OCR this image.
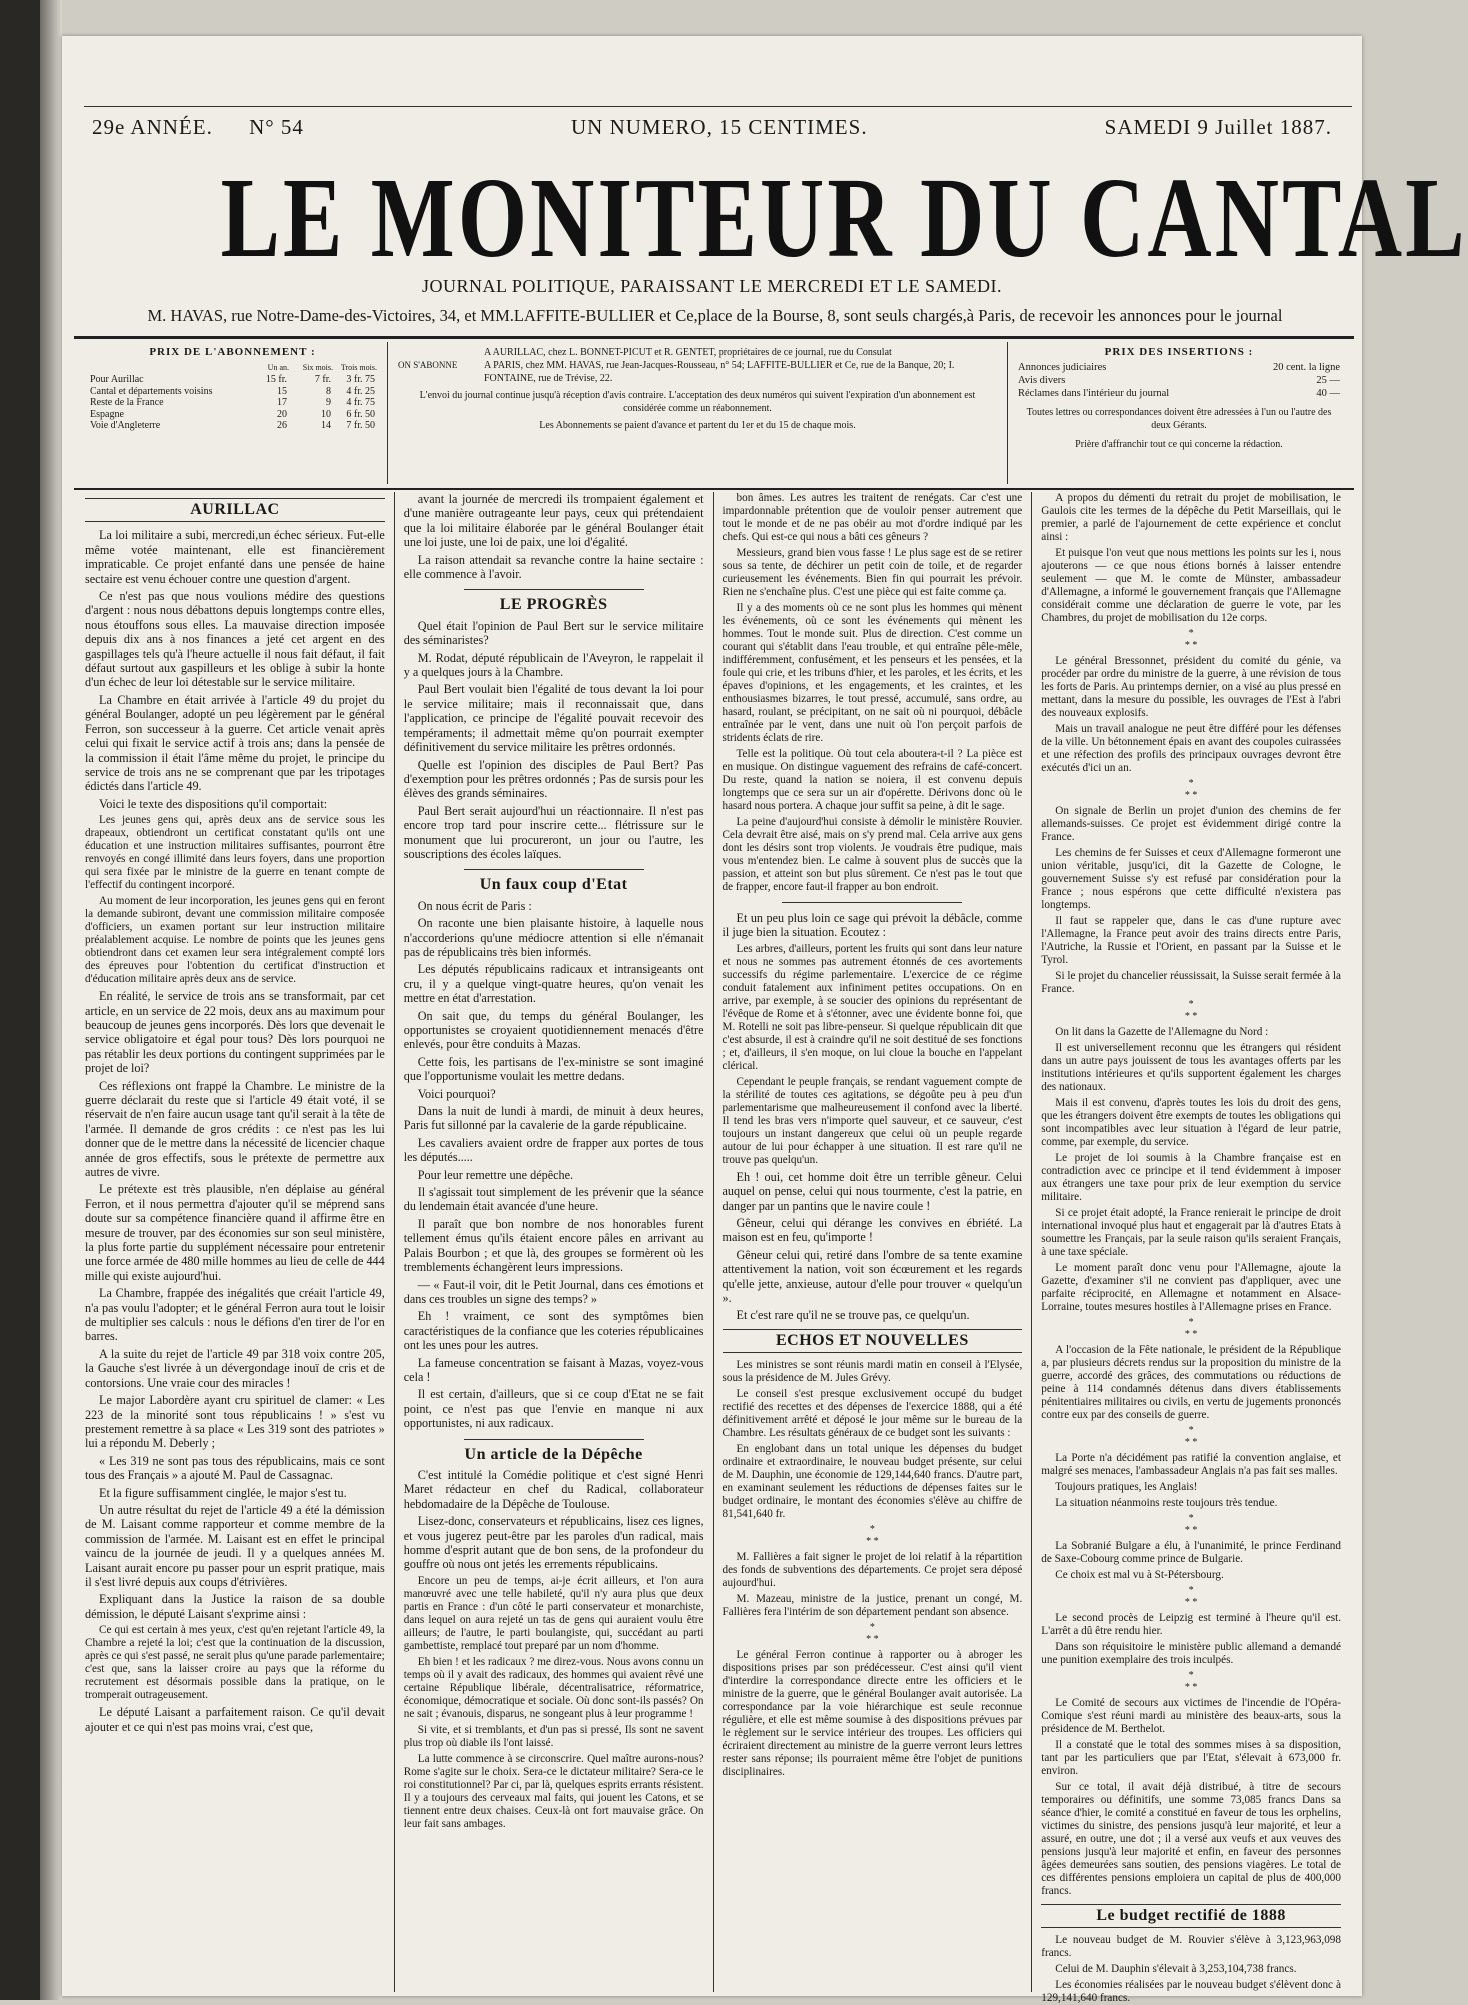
29e ANNÉE. N° 54	UN NUMERO, 15 CENTIMES.	SAMEDI 9 Juillet 1887.
LE MONITEUR DU CANTAL
JOURNAL POLITIQUE, PARAISSANT LE MERCREDI ET LE SAMEDI.
M. HAVAS, rue Notre-Dame-des-Victoires, 34, et MM.LAFFITE-BULLIER et Ce,place de la Bourse, 8, sont seuls chargés,à Paris, de recevoir les annonces pour le journal
PRIX DE L'ABONNEMENT :
	Un an.	Six mois.	Trois mois.
Pour Aurillac	15 fr.	7 fr.	3 fr. 75
Cantal et départements voisins	15	8	4 fr. 25
Reste de la France	17	9	4 fr. 75
Espagne	20	10	6 fr. 50
Voie d'Angleterre	26	14	7 fr. 50
ON S'ABONNE
A AURILLAC, chez L. BONNET-PICUT et R. GENTET, propriétaires de ce journal, rue du Consulat
A PARIS, chez MM. HAVAS, rue Jean-Jacques-Rousseau, n° 54; LAFFITE-BULLIER et Ce, rue de la Banque, 20; I. FONTAINE, rue de Trévise, 22.
L'envoi du journal continue jusqu'à réception d'avis contraire. L'acceptation des deux numéros qui suivent l'expiration d'un abonnement est considérée comme un réabonnement.
Les Abonnements se paient d'avance et partent du 1er et du 15 de chaque mois.
PRIX DES INSERTIONS :
Annonces judiciaires	20 cent. la ligne
Avis divers	25 —
Réclames dans l'intérieur du journal	40 —
Toutes lettres ou correspondances doivent être adressées à l'un ou l'autre des deux Gérants.
Prière d'affranchir tout ce qui concerne la rédaction.
AURILLAC

La loi militaire a subi, mercredi,un échec sérieux. Fut-elle même votée maintenant, elle est financièrement impraticable. Ce projet enfanté dans une pensée de haine sectaire est venu échouer contre une question d'argent.

Ce n'est pas que nous voulions médire des questions d'argent : nous nous débattons depuis longtemps contre elles, nous étouffons sous elles. La mauvaise direction imposée depuis dix ans à nos finances a jeté cet argent en des gaspillages tels qu'à l'heure actuelle il nous fait défaut, il fait défaut surtout aux gaspilleurs et les oblige à subir la honte d'un échec de leur loi détestable sur le service militaire.

La Chambre en était arrivée à l'article 49 du projet du général Boulanger, adopté un peu légèrement par le général Ferron, son successeur à la guerre. Cet article venait après celui qui fixait le service actif à trois ans; dans la pensée de la commission il était l'âme même du projet, le principe du service de trois ans ne se comprenant que par les tripotages édictés dans l'article 49.

Voici le texte des dispositions qu'il comportait:

Les jeunes gens qui, après deux ans de service sous les drapeaux, obtiendront un certificat constatant qu'ils ont une éducation et une instruction militaires suffisantes, pourront être renvoyés en congé illimité dans leurs foyers, dans une proportion qui sera fixée par le ministre de la guerre en tenant compte de l'effectif du contingent incorporé.

Au moment de leur incorporation, les jeunes gens qui en feront la demande subiront, devant une commission militaire composée d'officiers, un examen portant sur leur instruction militaire préalablement acquise. Le nombre de points que les jeunes gens obtiendront dans cet examen leur sera intégralement compté lors des épreuves pour l'obtention du certificat d'instruction et d'éducation militaire après deux ans de service.

En réalité, le service de trois ans se transformait, par cet article, en un service de 22 mois, deux ans au maximum pour beaucoup de jeunes gens incorporés. Dès lors que devenait le service obligatoire et égal pour tous? Dès lors pourquoi ne pas rétablir les deux portions du contingent supprimées par le projet de loi?

Ces réflexions ont frappé la Chambre. Le ministre de la guerre déclarait du reste que si l'article 49 était voté, il se réservait de n'en faire aucun usage tant qu'il serait à la tête de l'armée. Il demande de gros crédits : ce n'est pas les lui donner que de le mettre dans la nécessité de licencier chaque année de gros effectifs, sous le prétexte de permettre aux autres de vivre.

Le prétexte est très plausible, n'en déplaise au général Ferron, et il nous permettra d'ajouter qu'il se méprend sans doute sur sa compétence financière quand il affirme être en mesure de trouver, par des économies sur son seul ministère, la plus forte partie du supplément nécessaire pour entretenir une force armée de 480 mille hommes au lieu de celle de 444 mille qui existe aujourd'hui.

La Chambre, frappée des inégalités que créait l'article 49, n'a pas voulu l'adopter; et le général Ferron aura tout le loisir de multiplier ses calculs : nous le défions d'en tirer de l'or en barres.

A la suite du rejet de l'article 49 par 318 voix contre 205, la Gauche s'est livrée à un dévergondage inouï de cris et de contorsions. Une vraie cour des miracles !

Le major Labordère ayant cru spirituel de clamer: « Les 223 de la minorité sont tous républicains ! » s'est vu prestement remettre à sa place « Les 319 sont des patriotes » lui a répondu M. Deberly ;

« Les 319 ne sont pas tous des républicains, mais ce sont tous des Français » a ajouté M. Paul de Cassagnac.

Et la figure suffisamment cinglée, le major s'est tu.

Un autre résultat du rejet de l'article 49 a été la démission de M. Laisant comme rapporteur et comme membre de la commission de l'armée. M. Laisant est en effet le principal vaincu de la journée de jeudi. Il y a quelques années M. Laisant aurait encore pu passer pour un esprit pratique, mais il s'est livré depuis aux coups d'étrivières.

Expliquant dans la Justice la raison de sa double démission, le député Laisant s'exprime ainsi :

Ce qui est certain à mes yeux, c'est qu'en rejetant l'article 49, la Chambre a rejeté la loi; c'est que la continuation de la discussion, après ce qui s'est passé, ne serait plus qu'une parade parlementaire; c'est que, sans la laisser croire au pays que la réforme du recrutement est désormais possible dans la pratique, on le tromperait outrageusement.

Le député Laisant a parfaitement raison. Ce qu'il devait ajouter et ce qui n'est pas moins vrai, c'est que,

avant la journée de mercredi ils trompaient également et d'une manière outrageante leur pays, ceux qui prétendaient que la loi militaire élaborée par le général Boulanger était une loi juste, une loi de paix, une loi d'égalité.

La raison attendait sa revanche contre la haine sectaire : elle commence à l'avoir.

LE PROGRÈS

Quel était l'opinion de Paul Bert sur le service militaire des séminaristes?

M. Rodat, député républicain de l'Aveyron, le rappelait il y a quelques jours à la Chambre.

Paul Bert voulait bien l'égalité de tous devant la loi pour le service militaire; mais il reconnaissait que, dans l'application, ce principe de l'égalité pouvait recevoir des tempéraments; il admettait même qu'on pourrait exempter définitivement du service militaire les prêtres ordonnés.

Quelle est l'opinion des disciples de Paul Bert? Pas d'exemption pour les prêtres ordonnés ; Pas de sursis pour les élèves des grands séminaires.

Paul Bert serait aujourd'hui un réactionnaire. Il n'est pas encore trop tard pour inscrire cette... flétrissure sur le monument que lui procureront, un jour ou l'autre, les souscriptions des écoles laïques.

Un faux coup d'Etat

On nous écrit de Paris :

On raconte une bien plaisante histoire, à laquelle nous n'accorderions qu'une médiocre attention si elle n'émanait pas de républicains très bien informés.

Les députés républicains radicaux et intransigeants ont cru, il y a quelque vingt-quatre heures, qu'on venait les mettre en état d'arrestation.

On sait que, du temps du général Boulanger, les opportunistes se croyaient quotidiennement menacés d'être enlevés, pour être conduits à Mazas.

Cette fois, les partisans de l'ex-ministre se sont imaginé que l'opportunisme voulait les mettre dedans.

Voici pourquoi?

Dans la nuit de lundi à mardi, de minuit à deux heures, Paris fut sillonné par la cavalerie de la garde républicaine.

Les cavaliers avaient ordre de frapper aux portes de tous les députés.....

Pour leur remettre une dépêche.

Il s'agissait tout simplement de les prévenir que la séance du lendemain était avancée d'une heure.

Il paraît que bon nombre de nos honorables furent tellement émus qu'ils étaient encore pâles en arrivant au Palais Bourbon ; et que là, des groupes se formèrent où les tremblements échangèrent leurs impressions.

— « Faut-il voir, dit le Petit Journal, dans ces émotions et dans ces troubles un signe des temps? »

Eh ! vraiment, ce sont des symptômes bien caractéristiques de la confiance que les coteries républicaines ont les unes pour les autres.

La fameuse concentration se faisant à Mazas, voyez-vous cela !

Il est certain, d'ailleurs, que si ce coup d'Etat ne se fait point, ce n'est pas que l'envie en manque ni aux opportunistes, ni aux radicaux.

Un article de la Dépêche

C'est intitulé la Comédie politique et c'est signé Henri Maret rédacteur en chef du Radical, collaborateur hebdomadaire de la Dépêche de Toulouse.

Lisez-donc, conservateurs et républicains, lisez ces lignes, et vous jugerez peut-être par les paroles d'un radical, mais homme d'esprit autant que de bon sens, de la profondeur du gouffre où nous ont jetés les errements républicains.

Encore un peu de temps, ai-je écrit ailleurs, et l'on aura manœuvré avec une telle habileté, qu'il n'y aura plus que deux partis en France : d'un côté le parti conservateur et monarchiste, dans lequel on aura rejeté un tas de gens qui auraient voulu être ailleurs; de l'autre, le parti boulangiste, qui, succédant au parti gambettiste, remplacé tout preparé par un nom d'homme.

Eh bien ! et les radicaux ? me direz-vous. Nous avons connu un temps où il y avait des radicaux, des hommes qui avaient rêvé une certaine République libérale, décentralisatrice, réformatrice, économique, démocratique et sociale. Où donc sont-ils passés? On ne sait ; évanouis, disparus, ne songeant plus à leur programme !

Si vite, et si tremblants, et d'un pas si pressé, Ils sont ne savent plus trop où diable ils l'ont laissé.

La lutte commence à se circonscrire. Quel maître aurons-nous? Rome s'agite sur le choix. Sera-ce le dictateur militaire? Sera-ce le roi constitutionnel? Par ci, par là, quelques esprits errants résistent. Il y a toujours des cerveaux mal faits, qui jouent les Catons, et se tiennent entre deux chaises. Ceux-là ont fort mauvaise grâce. On leur fait sans ambages.

bon âmes. Les autres les traitent de renégats. Car c'est une impardonnable prétention que de vouloir penser autrement que tout le monde et de ne pas obéir au mot d'ordre indiqué par les chefs. Qui est-ce qui nous a bâti ces gêneurs ?

Messieurs, grand bien vous fasse ! Le plus sage est de se retirer sous sa tente, de déchirer un petit coin de toile, et de regarder curieusement les événements. Bien fin qui pourrait les prévoir. Rien ne s'enchaîne plus. C'est une pièce qui est faite comme ça.

Il y a des moments où ce ne sont plus les hommes qui mènent les événements, où ce sont les événements qui mènent les hommes. Tout le monde suit. Plus de direction. C'est comme un courant qui s'établit dans l'eau trouble, et qui entraîne pêle-mêle, indifféremment, confusément, et les penseurs et les pensées, et la foule qui crie, et les tribuns d'hier, et les paroles, et les écrits, et les épaves d'opinions, et les engagements, et les craintes, et les enthousiasmes bizarres, le tout pressé, accumulé, sans ordre, au hasard, roulant, se précipitant, on ne sait où ni pourquoi, débâcle entraînée par le vent, dans une nuit où l'on perçoit parfois de stridents éclats de rire.

Telle est la politique. Où tout cela aboutera-t-il ? La pièce est en musique. On distingue vaguement des refrains de café-concert. Du reste, quand la nation se noiera, il est convenu depuis longtemps que ce sera sur un air d'opérette. Dérivons donc où le hasard nous portera. A chaque jour suffit sa peine, à dit le sage.

La peine d'aujourd'hui consiste à démolir le ministère Rouvier. Cela devrait être aisé, mais on s'y prend mal. Cela arrive aux gens dont les désirs sont trop violents. Je voudrais être pudique, mais vous m'entendez bien. Le calme à souvent plus de succès que la passion, et atteint son but plus sûrement. Ce n'est pas le tout que de frapper, encore faut-il frapper au bon endroit.

Et un peu plus loin ce sage qui prévoit la débâcle, comme il juge bien la situation. Ecoutez :

Les arbres, d'ailleurs, portent les fruits qui sont dans leur nature et nous ne sommes pas autrement étonnés de ces avortements successifs du régime parlementaire. L'exercice de ce régime conduit fatalement aux infiniment petites occupations. On en arrive, par exemple, à se soucier des opinions du représentant de l'évêque de Rome et à s'étonner, avec une évidente bonne foi, que M. Rotelli ne soit pas libre-penseur. Si quelque républicain dit que c'est absurde, il est à craindre qu'il ne soit destitué de ses fonctions ; et, d'ailleurs, il s'en moque, on lui cloue la bouche en l'appelant clérical.

Cependant le peuple français, se rendant vaguement compte de la stérilité de toutes ces agitations, se dégoûte peu à peu d'un parlementarisme que malheureusement il confond avec la liberté. Il tend les bras vers n'importe quel sauveur, et ce sauveur, c'est toujours un instant dangereux que celui où un peuple regarde autour de lui pour échapper à une situation. Il est rare qu'il ne trouve pas quelqu'un.

Eh ! oui, cet homme doit être un terrible gêneur. Celui auquel on pense, celui qui nous tourmente, c'est la patrie, en danger par un pantins que le navire coule !

Gêneur, celui qui dérange les convives en ébriété. La maison est en feu, qu'importe !

Gêneur celui qui, retiré dans l'ombre de sa tente examine attentivement la nation, voit son écœurement et les regards qu'elle jette, anxieuse, autour d'elle pour trouver « quelqu'un ».

Et c'est rare qu'il ne se trouve pas, ce quelqu'un.

ECHOS ET NOUVELLES

Les ministres se sont réunis mardi matin en conseil à l'Elysée, sous la présidence de M. Jules Grévy.

Le conseil s'est presque exclusivement occupé du budget rectifié des recettes et des dépenses de l'exercice 1888, qui a été définitivement arrêté et déposé le jour même sur le bureau de la Chambre. Les résultats généraux de ce budget sont les suivants :

En englobant dans un total unique les dépenses du budget ordinaire et extraordinaire, le nouveau budget présente, sur celui de M. Dauphin, une économie de 129,144,640 francs. D'autre part, en examinant seulement les réductions de dépenses faites sur le budget ordinaire, le montant des économies s'élève au chiffre de 81,541,640 fr.

*
* *

M. Fallières a fait signer le projet de loi relatif à la répartition des fonds de subventions des départements. Ce projet sera déposé aujourd'hui.

M. Mazeau, ministre de la justice, prenant un congé, M. Fallières fera l'intérim de son département pendant son absence.

*
* *

Le général Ferron continue à rapporter ou à abroger les dispositions prises par son prédécesseur. C'est ainsi qu'il vient d'interdire la correspondance directe entre les officiers et le ministre de la guerre, que le général Boulanger avait autorisée. La correspondance par la voie hiérarchique est seule reconnue régulière, et elle est même soumise à des dispositions prévues par le règlement sur le service intérieur des troupes. Les officiers qui écriraient directement au ministre de la guerre verront leurs lettres rester sans réponse; ils pourraient même être l'objet de punitions disciplinaires.

A propos du démenti du retrait du projet de mobilisation, le Gaulois cite les termes de la dépêche du Petit Marseillais, qui le premier, a parlé de l'ajournement de cette expérience et conclut ainsi :

Et puisque l'on veut que nous mettions les points sur les i, nous ajouterons — ce que nous étions bornés à laisser entendre seulement — que M. le comte de Münster, ambassadeur d'Allemagne, a informé le gouvernement français que l'Allemagne considérait comme une déclaration de guerre le vote, par les Chambres, du projet de mobilisation du 12e corps.

*
* *

Le général Bressonnet, président du comité du génie, va procéder par ordre du ministre de la guerre, à une révision de tous les forts de Paris. Au printemps dernier, on a visé au plus pressé en mettant, dans la mesure du possible, les ouvrages de l'Est à l'abri des nouveaux explosifs.

Mais un travail analogue ne peut être différé pour les défenses de la ville. Un bétonnement épais en avant des coupoles cuirassées et une réfection des profils des principaux ouvrages devront être exécutés d'ici un an.

*
* *

On signale de Berlin un projet d'union des chemins de fer allemands-suisses. Ce projet est évidemment dirigé contre la France.

Les chemins de fer Suisses et ceux d'Allemagne formeront une union véritable, jusqu'ici, dit la Gazette de Cologne, le gouvernement Suisse s'y est refusé par considération pour la France ; nous espérons que cette difficulté n'existera pas longtemps.

Il faut se rappeler que, dans le cas d'une rupture avec l'Allemagne, la France peut avoir des trains directs entre Paris, l'Autriche, la Russie et l'Orient, en passant par la Suisse et le Tyrol.

Si le projet du chancelier réussissait, la Suisse serait fermée à la France.

*
* *

On lit dans la Gazette de l'Allemagne du Nord :

Il est universellement reconnu que les étrangers qui résident dans un autre pays jouissent de tous les avantages offerts par les institutions intérieures et qu'ils supportent également les charges des nationaux.

Mais il est convenu, d'après toutes les lois du droit des gens, que les étrangers doivent être exempts de toutes les obligations qui sont incompatibles avec leur situation à l'égard de leur patrie, comme, par exemple, du service.

Le projet de loi soumis à la Chambre française est en contradiction avec ce principe et il tend évidemment à imposer aux étrangers une taxe pour prix de leur exemption du service militaire.

Si ce projet était adopté, la France renierait le principe de droit international invoqué plus haut et engagerait par là d'autres Etats à soumettre les Français, par la seule raison qu'ils seraient Français, à une taxe spéciale.

Le moment paraît donc venu pour l'Allemagne, ajoute la Gazette, d'examiner s'il ne convient pas d'appliquer, avec une parfaite réciprocité, en Allemagne et notamment en Alsace-Lorraine, toutes mesures hostiles à l'Allemagne prises en France.

*
* *

A l'occasion de la Fête nationale, le président de la République a, par plusieurs décrets rendus sur la proposition du ministre de la guerre, accordé des grâces, des commutations ou réductions de peine à 114 condamnés détenus dans divers établissements pénitentiaires militaires ou civils, en vertu de jugements prononcés contre eux par des conseils de guerre.

*
* *

La Porte n'a décidément pas ratifié la convention anglaise, et malgré ses menaces, l'ambassadeur Anglais n'a pas fait ses malles.

Toujours pratiques, les Anglais!

La situation néanmoins reste toujours très tendue.

*
* *

La Sobranié Bulgare a élu, à l'unanimité, le prince Ferdinand de Saxe-Cobourg comme prince de Bulgarie.

Ce choix est mal vu à St-Pétersbourg.

*
* *

Le second procès de Leipzig est terminé à l'heure qu'il est. L'arrêt a dû être rendu hier.

Dans son réquisitoire le ministère public allemand a demandé une punition exemplaire des trois inculpés.

*
* *

Le Comité de secours aux victimes de l'incendie de l'Opéra-Comique s'est réuni mardi au ministère des beaux-arts, sous la présidence de M. Berthelot.

Il a constaté que le total des sommes mises à sa disposition, tant par les particuliers que par l'Etat, s'élevait à 673,000 fr. environ.

Sur ce total, il avait déjà distribué, à titre de secours temporaires ou définitifs, une somme 73,085 francs Dans sa séance d'hier, le comité a constitué en faveur de tous les orphelins, victimes du sinistre, des pensions jusqu'à leur majorité, et leur a assuré, en outre, une dot ; il a versé aux veufs et aux veuves des pensions jusqu'à leur majorité et enfin, en faveur des personnes âgées demeurées sans soutien, des pensions viagères. Le total de ces différentes pensions emploiera un capital de plus de 400,000 francs.

Le budget rectifié de 1888

Le nouveau budget de M. Rouvier s'élève à 3,123,963,098 francs.

Celui de M. Dauphin s'élevait à 3,253,104,738 francs.

Les économies réalisées par le nouveau budget s'élèvent donc à 129,141,640 francs.
